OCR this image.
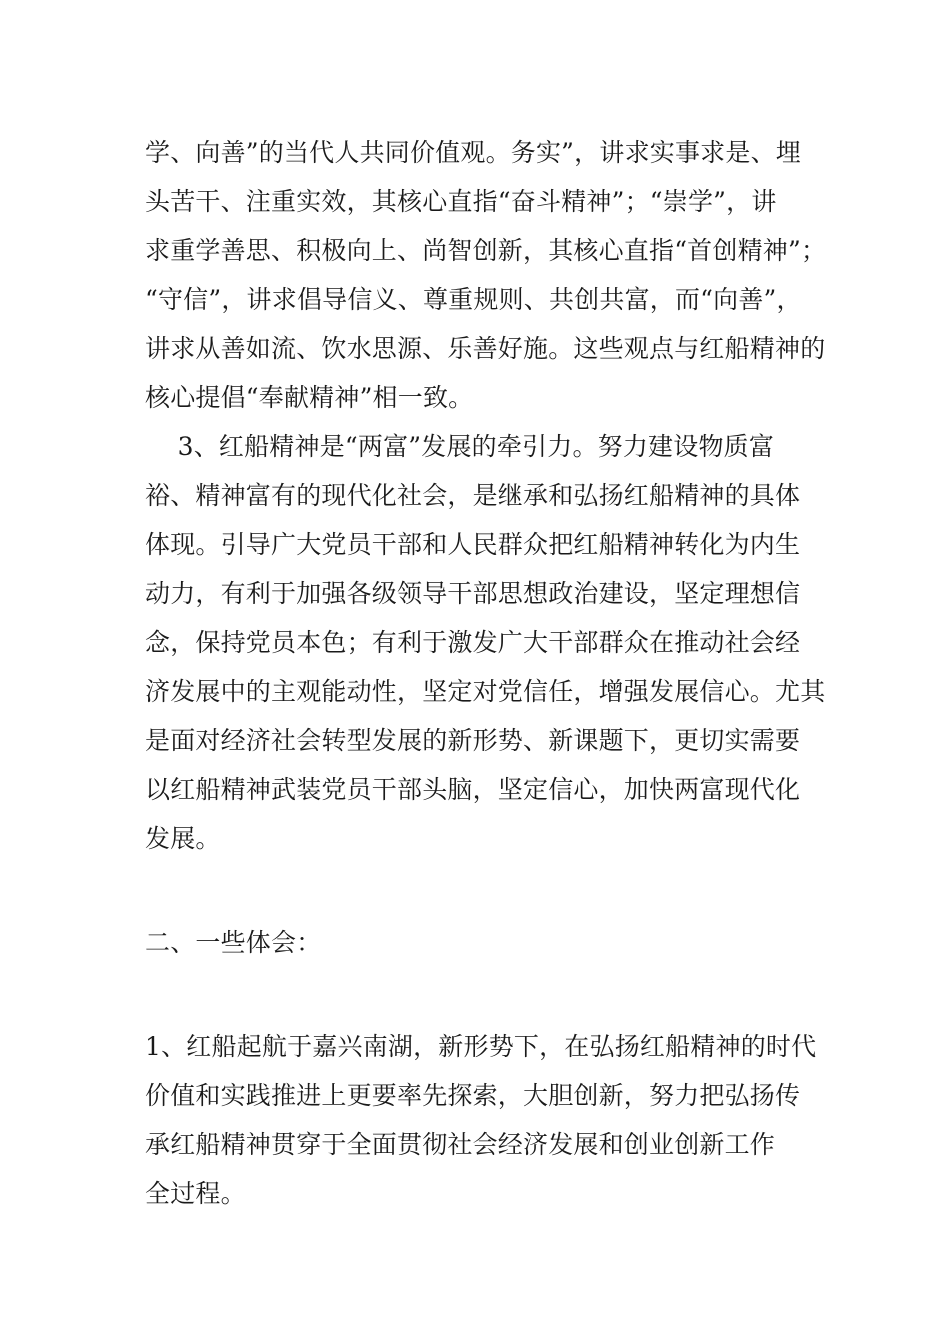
学、向善”的当代人共同价值观。务实”，讲求实事求是、埋
头苦干、注重实效，其核心直指“奋斗精神”；“崇学”，讲
求重学善思、积极向上、尚智创新，其核心直指“首创精神”；
“守信”，讲求倡导信义、尊重规则、共创共富，而“向善”，
讲求从善如流、饮水思源、乐善好施。这些观点与红船精神的
核心提倡“奉献精神”相一致。
3、红船精神是“两富”发展的牵引力。努力建设物质富
裕、精神富有的现代化社会，是继承和弘扬红船精神的具体
体现。引导广大党员干部和人民群众把红船精神转化为内生
动力，有利于加强各级领导干部思想政治建设，坚定理想信
念，保持党员本色；有利于激发广大干部群众在推动社会经
济发展中的主观能动性，坚定对党信任，增强发展信心。尤其
是面对经济社会转型发展的新形势、新课题下，更切实需要
以红船精神武装党员干部头脑，坚定信心，加快两富现代化
发展。
二、一些体会：
1、红船起航于嘉兴南湖，新形势下，在弘扬红船精神的时代
价值和实践推进上更要率先探索，大胆创新，努力把弘扬传
承红船精神贯穿于全面贯彻社会经济发展和创业创新工作
全过程。
